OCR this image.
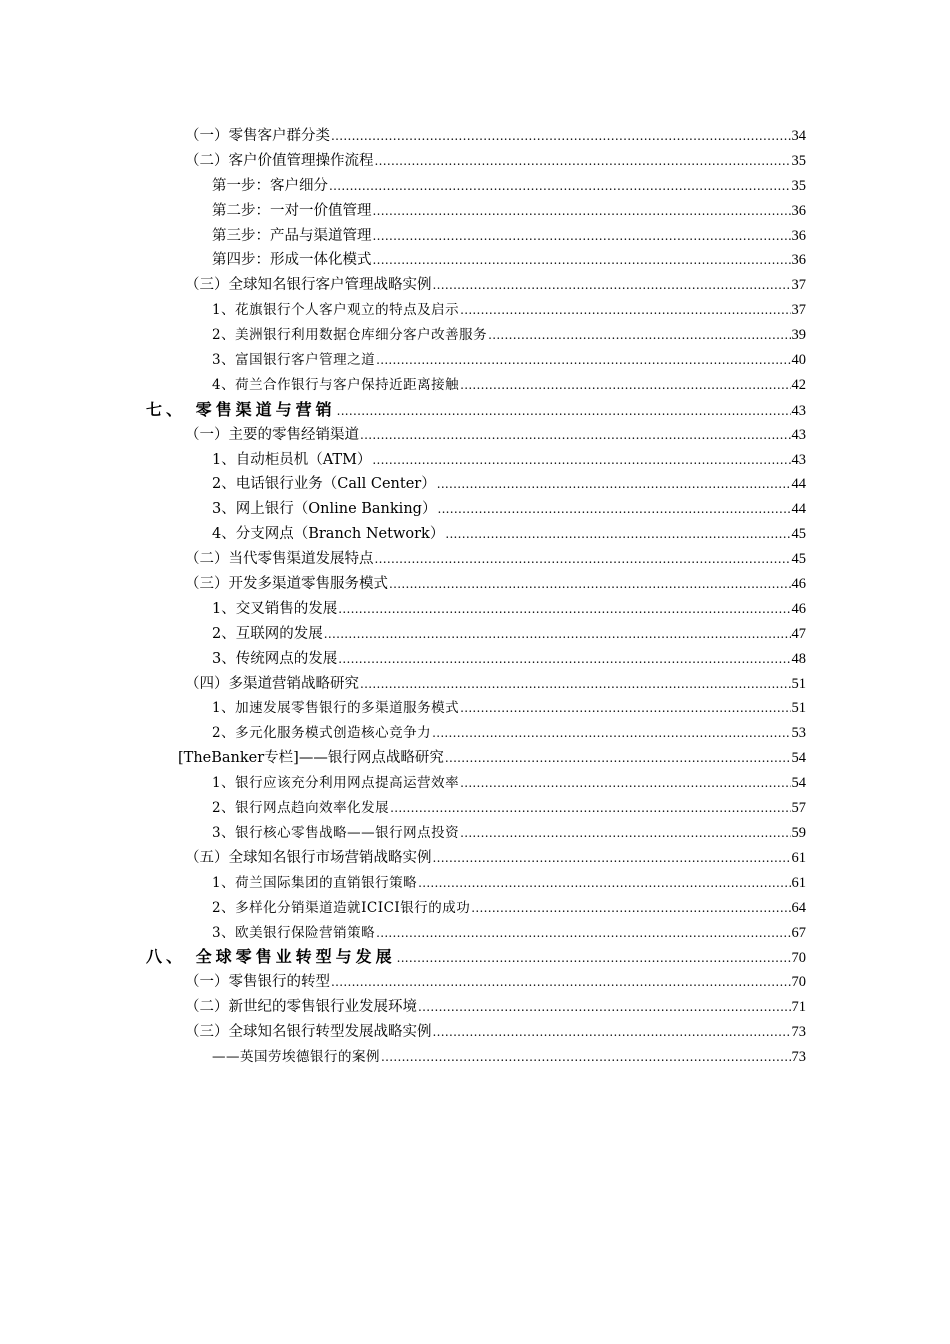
（一）零售客户群分类 .....	34
（二）客户价值管理操作流程 .....	35
第一步：客户细分 .....	35
第二步：一对一价值管理 .....	36
第三步：产品与渠道管理 .....	36
第四步：形成一体化模式 .....	36
（三）全球知名银行客户管理战略实例 .....	37
1、花旗银行个人客户观立的特点及启示 .....	37
2、美洲银行利用数据仓库细分客户改善服务 .....	39
3、富国银行客户管理之道 .....	40
4、荷兰合作银行与客户保持近距离接触 .....	42
七、 零售渠道与营销 .....	43
（一）主要的零售经销渠道 .....	43
1、自动柜员机（ATM） .....	43
2、电话银行业务（Call Center） .....	44
3、网上银行（Online Banking） .....	44
4、分支网点（Branch Network） .....	45
（二）当代零售渠道发展特点 .....	45
（三）开发多渠道零售服务模式 .....	46
1、交叉销售的发展 .....	46
2、互联网的发展 .....	47
3、传统网点的发展 .....	48
（四）多渠道营销战略研究 .....	51
1、加速发展零售银行的多渠道服务模式 .....	51
2、多元化服务模式创造核心竞争力 .....	53
[TheBanker专栏]——银行网点战略研究 .....	54
1、银行应该充分利用网点提高运营效率 .....	54
2、银行网点趋向效率化发展 .....	57
3、银行核心零售战略——银行网点投资 .....	59
（五）全球知名银行市场营销战略实例 .....	61
1、荷兰国际集团的直销银行策略 .....	61
2、多样化分销渠道造就ICICI银行的成功 .....	64
3、欧美银行保险营销策略 .....	67
八、 全球零售业转型与发展 .....	70
（一）零售银行的转型 .....	70
（二）新世纪的零售银行业发展环境 .....	71
（三）全球知名银行转型发展战略实例 .....	73
——英国劳埃德银行的案例 .....	73
